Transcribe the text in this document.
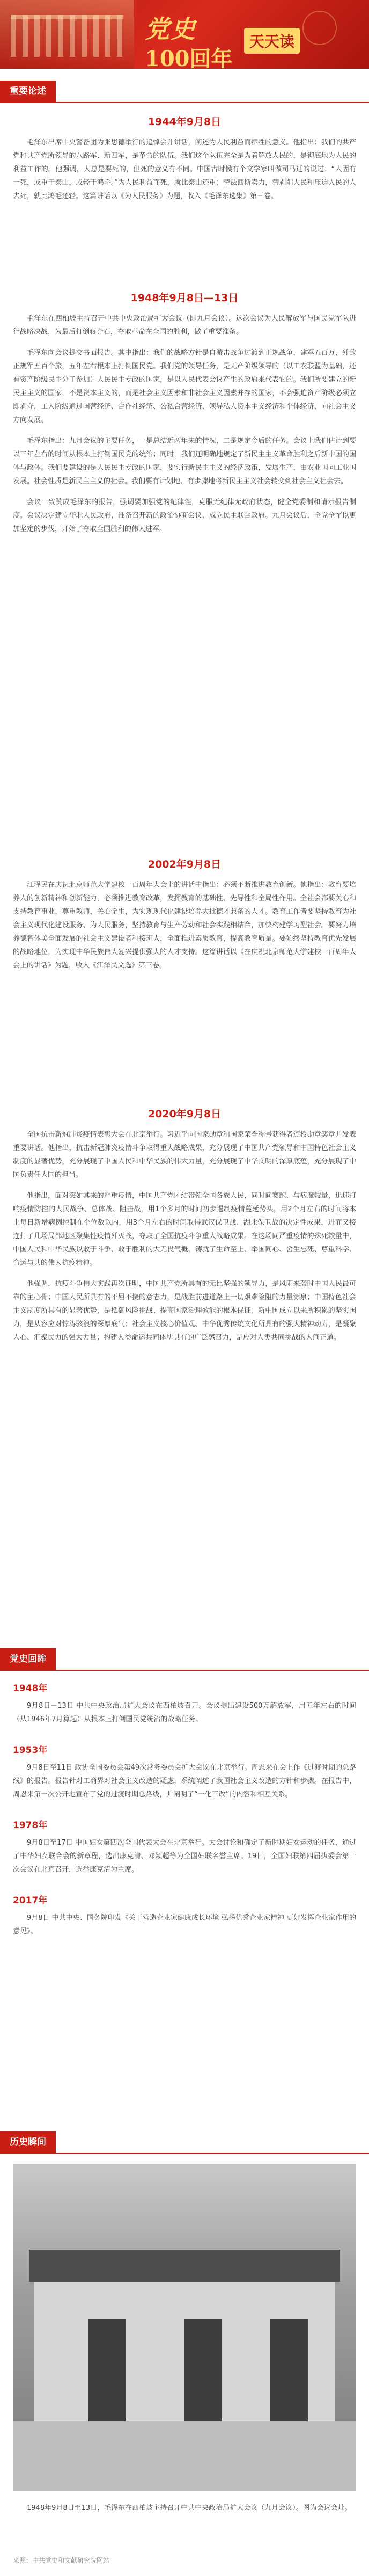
党史
100回年
天天读
重要论述

1944年9月8日

毛泽东出席中央警备团为张思德举行的追悼会并讲话，阐述为人民利益而牺牲的意义。他指出：我们的共产党和共产党所领导的八路军、新四军，是革命的队伍。我们这个队伍完全是为着解放人民的，是彻底地为人民的利益工作的。他强调，人总是要死的，但死的意义有不同。中国古时候有个文学家叫做司马迁的说过：“人固有一死，或重于泰山，或轻于鸿毛。”为人民利益而死，就比泰山还重；替法西斯卖力，替剥削人民和压迫人民的人去死，就比鸿毛还轻。这篇讲话以《为人民服务》为题，收入《毛泽东选集》第三卷。

1948年9月8日—13日

毛泽东在西柏坡主持召开中共中央政治局扩大会议（即九月会议）。这次会议为人民解放军与国民党军队进行战略决战，为最后打倒蒋介石，夺取革命在全国的胜利，做了重要准备。

毛泽东向会议提交书面报告。其中指出：我们的战略方针是自游击战争过渡到正规战争，建军五百万，歼敌正规军五百个旅，五年左右根本上打倒国民党。我们党的领导任务，是无产阶级领导的（以工农联盟为基础，还有资产阶级民主分子参加）人民民主专政的国家，是以人民代表会议产生的政府来代表它的。我们所要建立的新民主主义的国家，不是资本主义的，而是社会主义因素和非社会主义因素并存的国家，不会强迫资产阶级必须立即剥夺，工人阶级通过国营经济、合作社经济、公私合营经济，领导私人资本主义经济和个体经济，向社会主义方向发展。

毛泽东指出：九月会议的主要任务，一是总结近两年来的情况，二是规定今后的任务。会议上我们估计到要以三年左右的时间从根本上打倒国民党的统治；同时，我们还明确地规定了新民主主义革命胜利之后新中国的国体与政体。我们要建设的是人民民主专政的国家，要实行新民主主义的经济政策，发展生产，由农业国向工业国发展。社会性质是新民主主义的社会。我们要有计划地、有步骤地将新民主主义社会转变到社会主义社会去。

会议一致赞成毛泽东的报告，强调要加强党的纪律性，克服无纪律无政府状态，健全党委制和请示报告制度。会议决定建立华北人民政府，准备召开新的政治协商会议，成立民主联合政府。九月会议后，全党全军以更加坚定的步伐，开始了夺取全国胜利的伟大进军。

2002年9月8日

江泽民在庆祝北京师范大学建校一百周年大会上的讲话中指出：必须不断推进教育创新。他指出：教育要培养人的创新精神和创新能力，必须推进教育改革，发挥教育的基础性、先导性和全局性作用。全社会都要关心和支持教育事业，尊重教师，关心学生，为实现现代化建设培养大批德才兼备的人才。教育工作者要坚持教育为社会主义现代化建设服务、为人民服务，坚持教育与生产劳动和社会实践相结合，加快构建学习型社会。要努力培养德智体美全面发展的社会主义建设者和接班人，全面推进素质教育，提高教育质量。要始终坚持教育优先发展的战略地位，为实现中华民族伟大复兴提供强大的人才支持。这篇讲话以《在庆祝北京师范大学建校一百周年大会上的讲话》为题，收入《江泽民文选》第三卷。

2020年9月8日

全国抗击新冠肺炎疫情表彰大会在北京举行。习近平向国家勋章和国家荣誉称号获得者颁授勋章奖章并发表重要讲话。他指出，抗击新冠肺炎疫情斗争取得重大战略成果，充分展现了中国共产党领导和中国特色社会主义制度的显著优势，充分展现了中国人民和中华民族的伟大力量，充分展现了中华文明的深厚底蕴，充分展现了中国负责任大国的担当。

他指出，面对突如其来的严重疫情，中国共产党团结带领全国各族人民，同时间赛跑、与病魔较量，迅速打响疫情防控的人民战争、总体战、阻击战，用1个多月的时间初步遏制疫情蔓延势头，用2个月左右的时间将本土每日新增病例控制在个位数以内，用3个月左右的时间取得武汉保卫战、湖北保卫战的决定性成果，进而又接连打了几场局部地区聚集性疫情歼灭战，夺取了全国抗疫斗争重大战略成果。在这场同严重疫情的殊死较量中，中国人民和中华民族以敢于斗争、敢于胜利的大无畏气概，铸就了生命至上、举国同心、舍生忘死、尊重科学、命运与共的伟大抗疫精神。

他强调，抗疫斗争伟大实践再次证明，中国共产党所具有的无比坚强的领导力，是风雨来袭时中国人民最可靠的主心骨；中国人民所具有的不屈不挠的意志力，是战胜前进道路上一切艰难险阻的力量源泉；中国特色社会主义制度所具有的显著优势，是抵御风险挑战、提高国家治理效能的根本保证；新中国成立以来所积累的坚实国力，是从容应对惊涛骇浪的深厚底气；社会主义核心价值观、中华优秀传统文化所具有的强大精神动力，是凝聚人心、汇聚民力的强大力量；构建人类命运共同体所具有的广泛感召力，是应对人类共同挑战的人间正道。

党史回眸

1948年

9月8日－13日 中共中央政治局扩大会议在西柏坡召开。会议提出建设500万解放军，用五年左右的时间（从1946年7月算起）从根本上打倒国民党统治的战略任务。

1953年

9月8日至11日 政协全国委员会第49次常务委员会扩大会议在北京举行。周恩来在会上作《过渡时期的总路线》的报告。报告针对工商界对社会主义改造的疑虑，系统阐述了我国社会主义改造的方针和步骤。在报告中，周恩来第一次公开地宣布了党的过渡时期总路线，并阐明了“一化三改”的内容和相互关系。

1978年

9月8日至17日 中国妇女第四次全国代表大会在北京举行。大会讨论和确定了新时期妇女运动的任务，通过了中华妇女联合会的新章程，选出康克清、邓颖超等为全国妇联名誉主席。19日，全国妇联第四届执委会第一次会议在北京召开，选举康克清为主席。

2017年

9月8日 中共中央、国务院印发《关于营造企业家健康成长环境 弘扬优秀企业家精神 更好发挥企业家作用的意见》。

历史瞬间

1948年9月8日至13日，毛泽东在西柏坡主持召开中共中央政治局扩大会议（九月会议）。图为会议会址。

来源：中共党史和文献研究院网站
